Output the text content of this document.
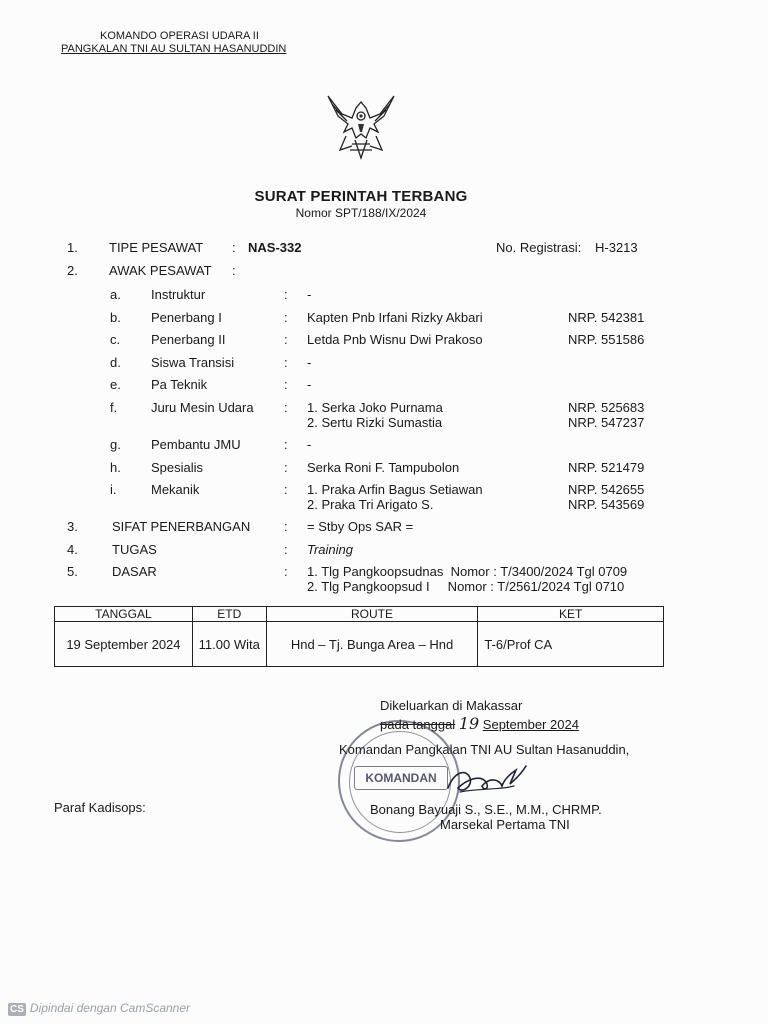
KOMANDO OPERASI UDARA II
PANGKALAN TNI AU SULTAN HASANUDDIN
SURAT PERINTAH TERBANG
Nomor SPT/188/IX/2024
1. TIPE PESAWAT : NAS-332	No. Registrasi: H-3213
2. AWAK PESAWAT :
a. Instruktur	: -
b. Penerbang I	: Kapten Pnb Irfani Rizky Akbari	NRP. 542381
c. Penerbang II	: Letda Pnb Wisnu Dwi Prakoso	NRP. 551586
d. Siswa Transisi	: -
e. Pa Teknik	: -
f.	Juru Mesin Udara : 1. Serka Joko Purnama	NRP. 525683
2. Sertu Rizki Sumastia	NRP. 547237
g. Pembantu JMU	: -
h. Spesialis	: Serka Roni F. Tampubolon	NRP. 521479
i.	Mekanik	: 1. Praka Arfin Bagus Setiawan	NRP. 542655
2. Praka Tri Arigato S.	NRP. 543569
3.	SIFAT PENERBANGAN	: = Stby Ops SAR =
4.	TUGAS	: Training
5.	DASAR	: 1. Tlg Pangkoopsudnas  Nomor : T/3400/2024 Tgl 0709
2. Tlg Pangkoopsud I     Nomor : T/2561/2024 Tgl 0710
TANGGAL	ETD	ROUTE	KET
19 September 2024	11.00 Wita	Hnd – Tj. Bunga Area – Hnd	T-6/Prof CA
Dikeluarkan di Makassar
pada tanggal 19 September 2024
Komandan Pangkalan TNI AU Sultan Hasanuddin,
KOMANDAN
Bonang Bayuaji S., S.E., M.M., CHRMP.
Marsekal Pertama TNI
Paraf Kadisops:
CS Dipindai dengan CamScanner
